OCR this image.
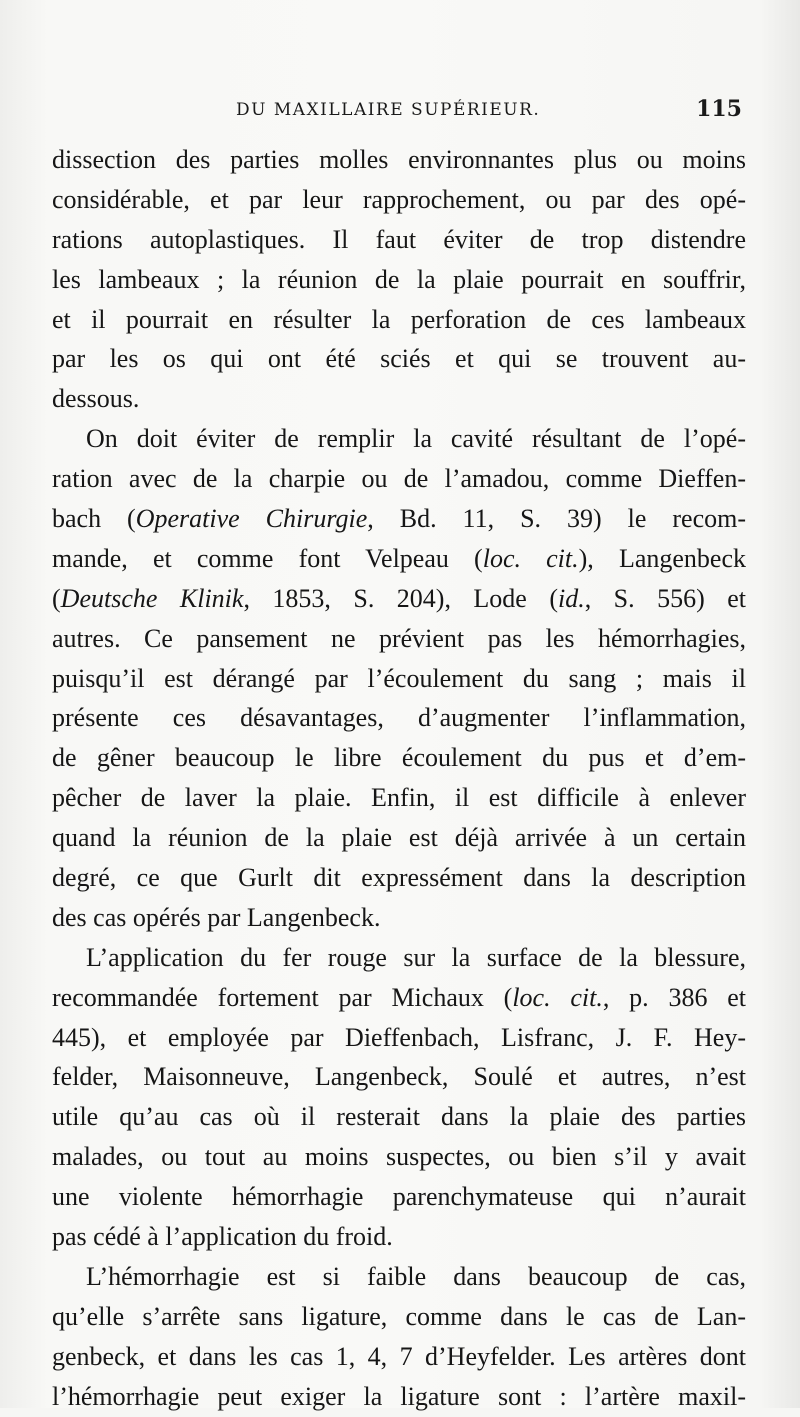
DU MAXILLAIRE SUPÉRIEUR.	115
dissection des parties molles environnantes plus ou moins
considérable, et par leur rapprochement, ou par des opé-
rations autoplastiques. Il faut éviter de trop distendre
les lambeaux ; la réunion de la plaie pourrait en souffrir,
et il pourrait en résulter la perforation de ces lambeaux
par les os qui ont été sciés et qui se trouvent au-
dessous.
On doit éviter de remplir la cavité résultant de l’opé-
ration avec de la charpie ou de l’amadou, comme Dieffen-
bach (Operative Chirurgie, Bd. 11, S. 39) le recom-
mande, et comme font Velpeau (loc. cit.), Langenbeck
(Deutsche Klinik, 1853, S. 204), Lode (id., S. 556) et
autres. Ce pansement ne prévient pas les hémorrhagies,
puisqu’il est dérangé par l’écoulement du sang ; mais il
présente ces désavantages, d’augmenter l’inflammation,
de gêner beaucoup le libre écoulement du pus et d’em-
pêcher de laver la plaie. Enfin, il est difficile à enlever
quand la réunion de la plaie est déjà arrivée à un certain
degré, ce que Gurlt dit expressément dans la description
des cas opérés par Langenbeck.
L’application du fer rouge sur la surface de la blessure,
recommandée fortement par Michaux (loc. cit., p. 386 et
445), et employée par Dieffenbach, Lisfranc, J. F. Hey-
felder, Maisonneuve, Langenbeck, Soulé et autres, n’est
utile qu’au cas où il resterait dans la plaie des parties
malades, ou tout au moins suspectes, ou bien s’il y avait
une violente hémorrhagie parenchymateuse qui n’aurait
pas cédé à l’application du froid.
L’hémorrhagie est si faible dans beaucoup de cas,
qu’elle s’arrête sans ligature, comme dans le cas de Lan-
genbeck, et dans les cas 1, 4, 7 d’Heyfelder. Les artères dont
l’hémorrhagie peut exiger la ligature sont : l’artère maxil-
